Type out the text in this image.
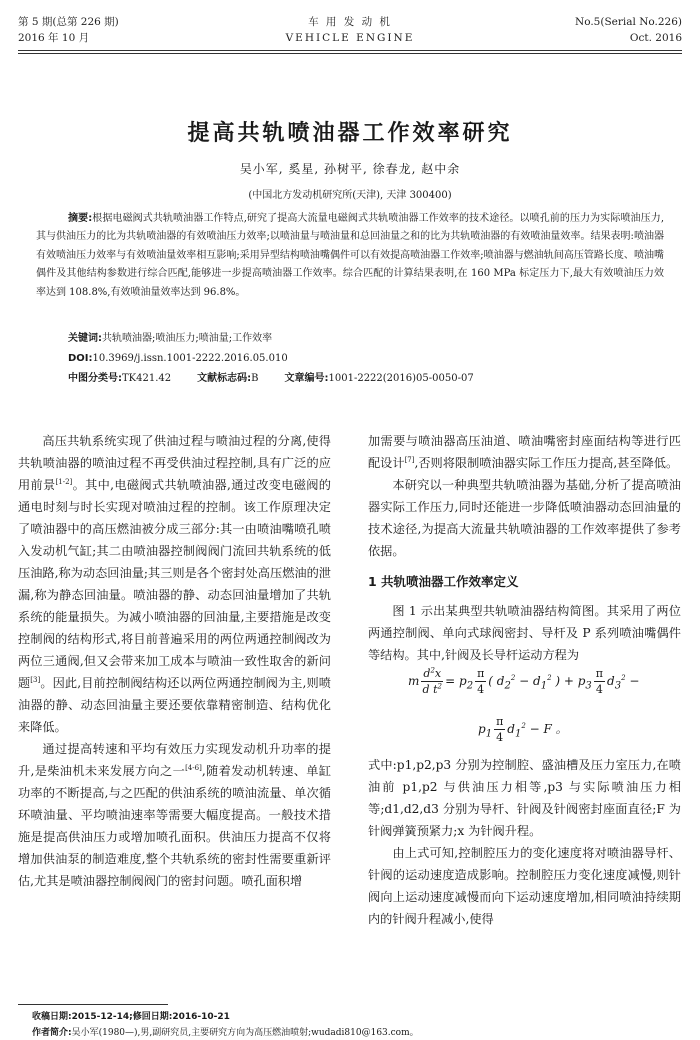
第 5 期(总第 226 期)
2016 年 10 月
车 用 发 动 机
VEHICLE ENGINE
No.5(Serial No.226)
Oct. 2016
提高共轨喷油器工作效率研究
吴小军, 奚星, 孙树平, 徐春龙, 赵中余
(中国北方发动机研究所(天津), 天津 300400)
摘要:根据电磁阀式共轨喷油器工作特点,研究了提高大流量电磁阀式共轨喷油器工作效率的技术途径。以喷孔前的压力为实际喷油压力,其与供油压力的比为共轨喷油器的有效喷油压力效率;以喷油量与喷油量和总回油量之和的比为共轨喷油器的有效喷油量效率。结果表明:喷油器有效喷油压力效率与有效喷油量效率相互影响;采用异型结构喷油嘴偶件可以有效提高喷油器工作效率;喷油器与燃油轨间高压管路长度、喷油嘴偶件及其他结构参数进行综合匹配,能够进一步提高喷油器工作效率。综合匹配的计算结果表明,在 160 MPa 标定压力下,最大有效喷油压力效率达到 108.8%,有效喷油量效率达到 96.8%。
关键词:共轨喷油器;喷油压力;喷油量;工作效率
DOI:10.3969/j.issn.1001-2222.2016.05.010
中图分类号:TK421.42	文献标志码:B	文章编号:1001-2222(2016)05-0050-07

高压共轨系统实现了供油过程与喷油过程的分离,使得共轨喷油器的喷油过程不再受供油过程控制,具有广泛的应用前景[1-2]。其中,电磁阀式共轨喷油器,通过改变电磁阀的通电时刻与时长实现对喷油过程的控制。该工作原理决定了喷油器中的高压燃油被分成三部分:其一由喷油嘴喷孔喷入发动机气缸;其二由喷油器控制阀阀门流回共轨系统的低压油路,称为动态回油量;其三则是各个密封处高压燃油的泄漏,称为静态回油量。喷油器的静、动态回油量增加了共轨系统的能量损失。为减小喷油器的回油量,主要措施是改变控制阀的结构形式,将目前普遍采用的两位两通控制阀改为两位三通阀,但又会带来加工成本与喷油一致性取舍的新问题[3]。因此,目前控制阀结构还以两位两通控制阀为主,则喷油器的静、动态回油量主要还要依靠精密制造、结构优化来降低。

通过提高转速和平均有效压力实现发动机升功率的提升,是柴油机未来发展方向之一[4-6],随着发动机转速、单缸功率的不断提高,与之匹配的供油系统的喷油流量、单次循环喷油量、平均喷油速率等需要大幅度提高。一般技术措施是提高供油压力或增加喷孔面积。供油压力提高不仅将增加供油泵的制造难度,整个共轨系统的密封性需要重新评估,尤其是喷油器控制阀阀门的密封问题。喷孔面积增

加需要与喷油器高压油道、喷油嘴密封座面结构等进行匹配设计[7],否则将限制喷油器实际工作压力提高,甚至降低。

本研究以一种典型共轨喷油器为基础,分析了提高喷油器实际工作压力,同时还能进一步降低喷油器动态回油量的技术途径,为提高大流量共轨喷油器的工作效率提供了参考依据。

1 共轨喷油器工作效率定义

图 1 示出某典型共轨喷油器结构简图。其采用了两位两通控制阀、单向式球阀密封、导杆及 P 系列喷油嘴偶件等结构。其中,针阀及长导杆运动方程为

m $\frac{d^2x}{d t^2} = p_2 \frac{\pi}{4}$ ( $d_2^2 - d_1^2$ ) + $p_3 \frac{\pi}{4} d_3^2$ −
$p_1 \frac{\pi}{4} d_1^2 - F$ 。

式中:p1,p2,p3 分别为控制腔、盛油槽及压力室压力,在喷油前 p1,p2 与供油压力相等,p3 与实际喷油压力相等;d1,d2,d3 分别为导杆、针阀及针阀密封座面直径;F 为针阀弹簧预紧力;x 为针阀升程。

由上式可知,控制腔压力的变化速度将对喷油器导杆、针阀的运动速度造成影响。控制腔压力变化速度减慢,则针阀向上运动速度减慢而向下运动速度增加,相同喷油持续期内的针阀升程减小,使得

收稿日期:2015-12-14;修回日期:2016-10-21
作者简介:吴小军(1980—),男,副研究员,主要研究方向为高压燃油喷射;wudadi810@163.com。
